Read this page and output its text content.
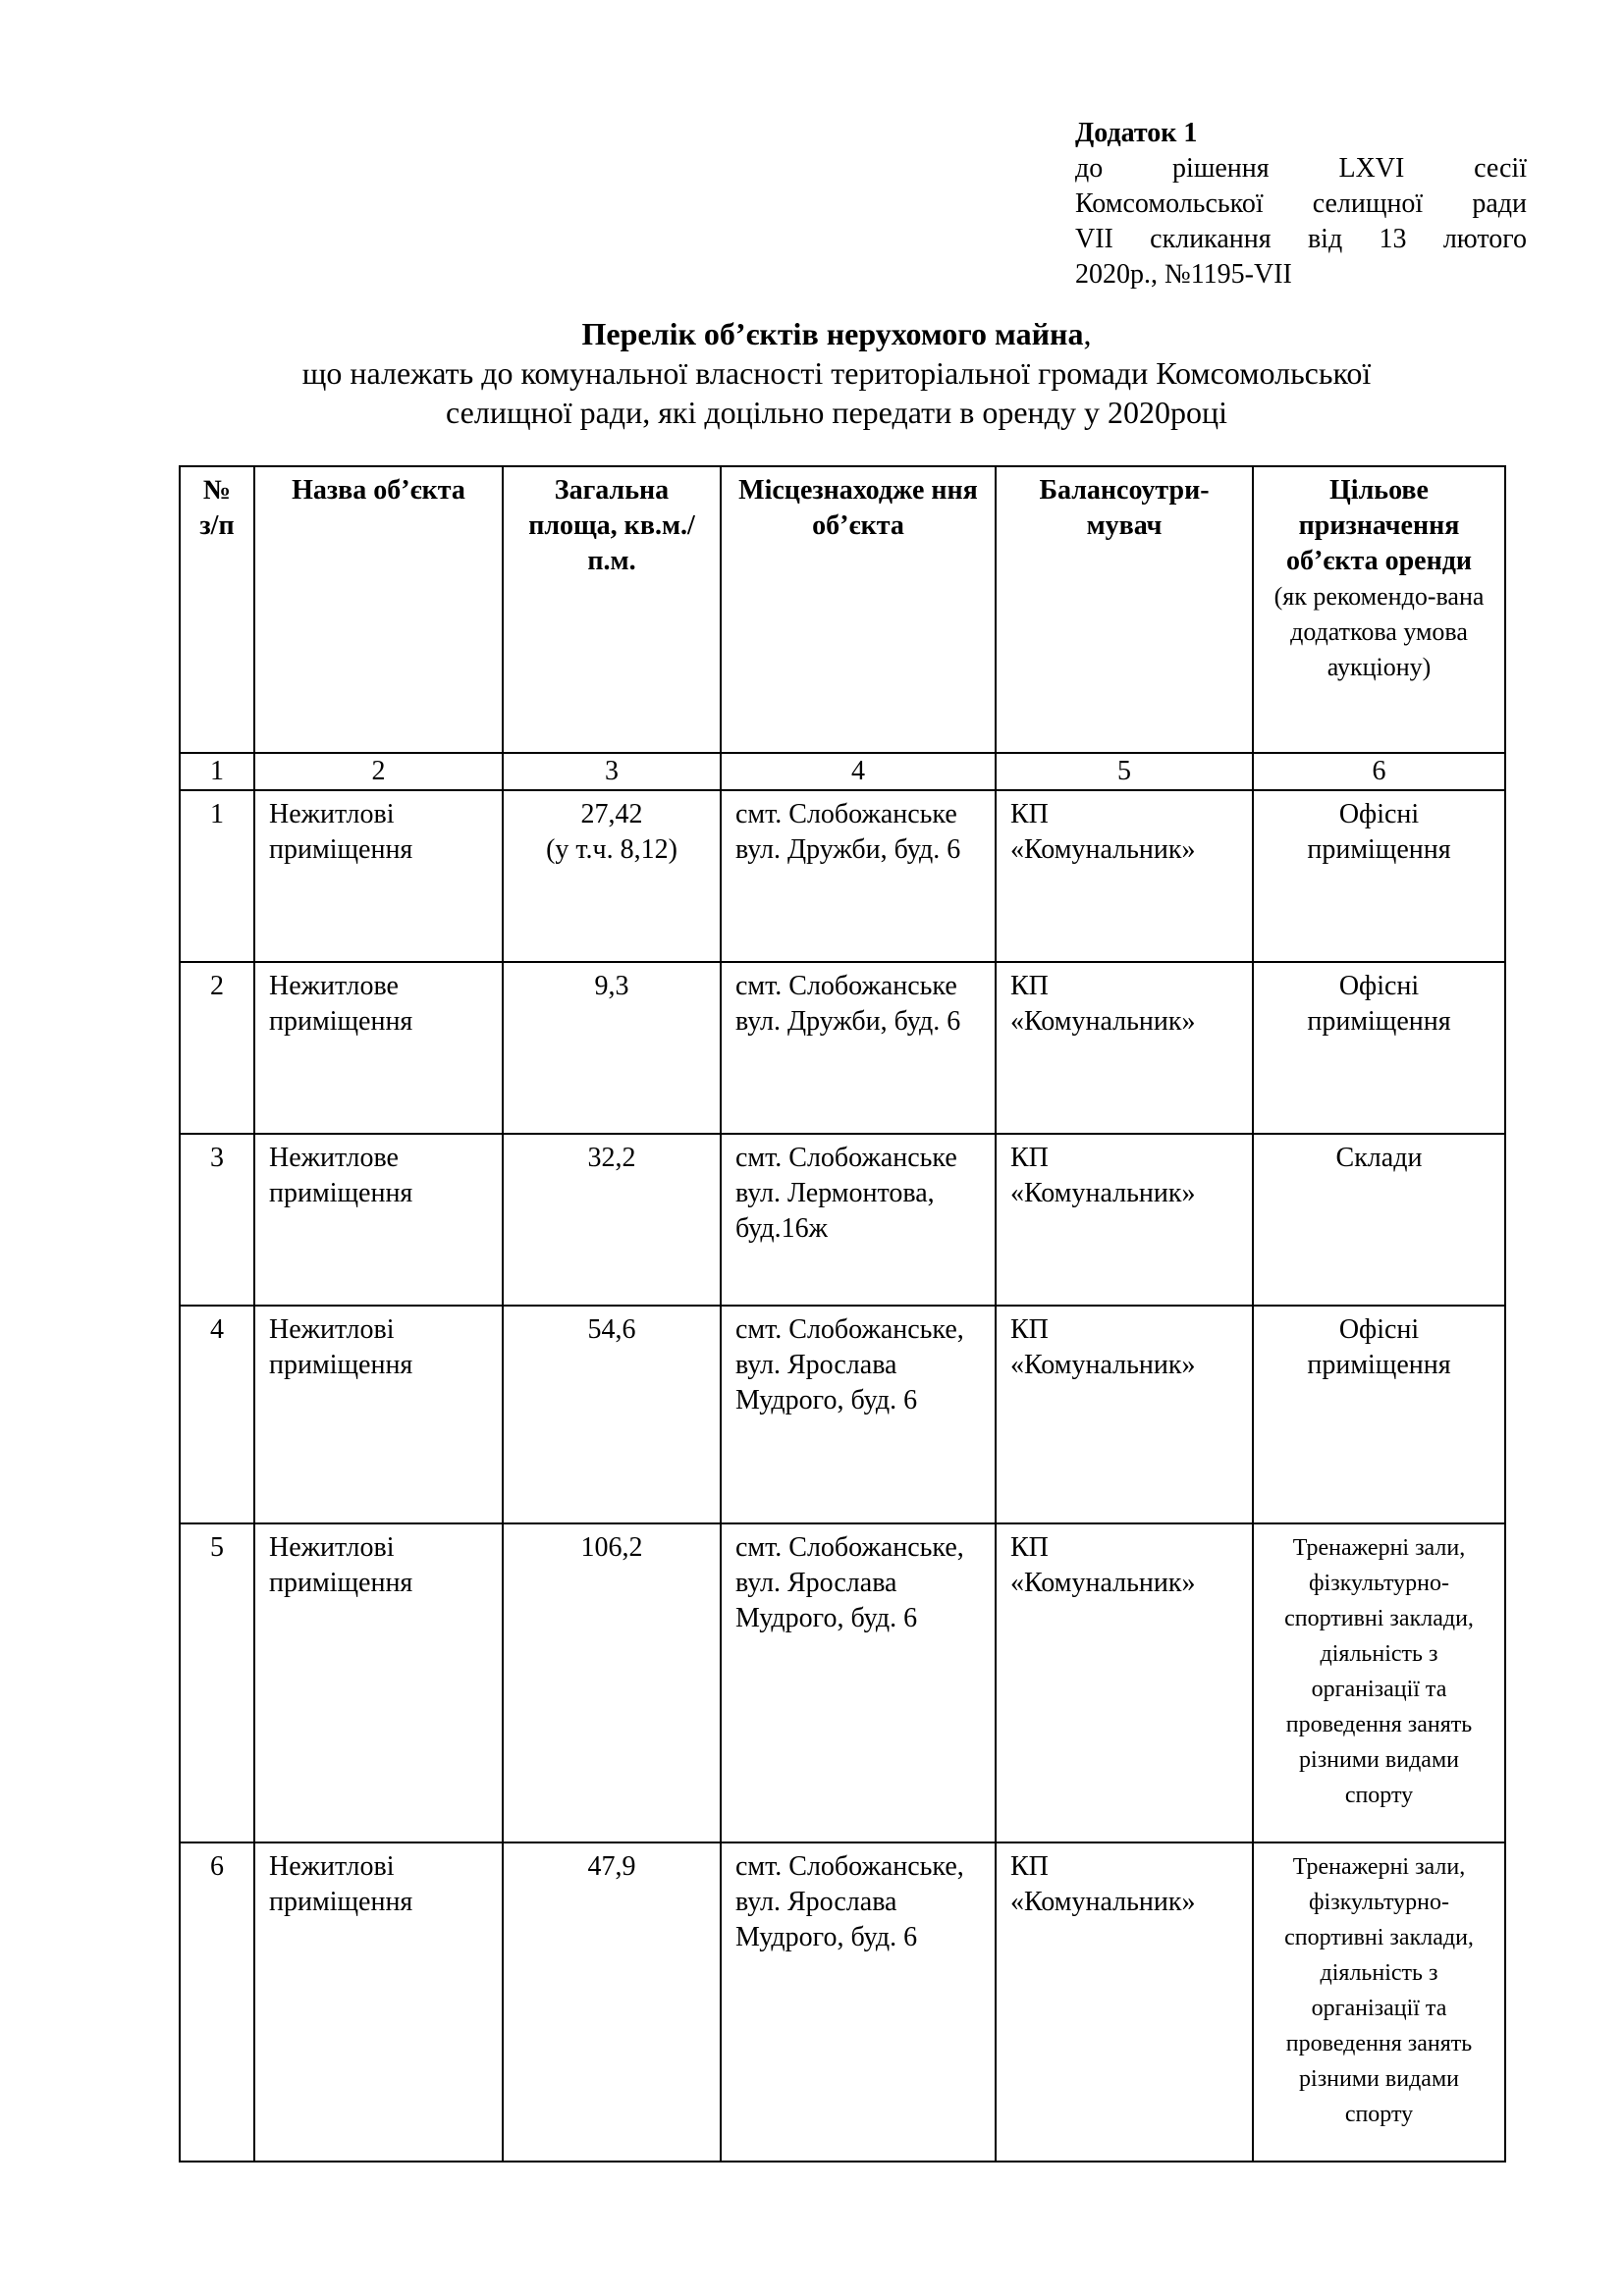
Додаток 1
до рішення LXVI сесії
Комсомольської селищної ради
VII скликання від 13 лютого
2020р., №1195-VII
Перелік об’єктів нерухомого майна,
що належать до комунальної власності територіальної громади Комсомольської
селищної ради, які доцільно передати в оренду у 2020році
№ з/п	Назва об’єкта	Загальна площа, кв.м./п.м.	Місцезнаходже ння об’єкта	Балансоутри-мувач	Цільове призначення об’єкта оренди
(як рекомендо-вана додаткова умова аукціону)

1	2	3	4	5	6
1	Нежитлові приміщення	27,42
(у т.ч. 8,12)	смт. Слобожанське вул. Дружби, буд. 6	КП «Комунальник»	Офісні приміщення
2	Нежитлове приміщення	9,3	смт. Слобожанське вул. Дружби, буд. 6	КП «Комунальник»	Офісні приміщення
3	Нежитлове приміщення	32,2	смт. Слобожанське вул. Лермонтова, буд.16ж	КП «Комунальник»	Склади
4	Нежитлові приміщення	54,6	смт. Слобожанське, вул. Ярослава Мудрого, буд. 6	КП «Комунальник»	Офісні приміщення
5	Нежитлові приміщення	106,2	смт. Слобожанське, вул. Ярослава Мудрого, буд. 6	КП «Комунальник»	Тренажерні зали, фізкультурно-спортивні заклади, діяльність з організації та проведення занять різними видами спорту
6	Нежитлові приміщення	47,9	смт. Слобожанське, вул. Ярослава Мудрого, буд. 6	КП «Комунальник»	Тренажерні зали, фізкультурно-спортивні заклади, діяльність з організації та проведення занять різними видами спорту
